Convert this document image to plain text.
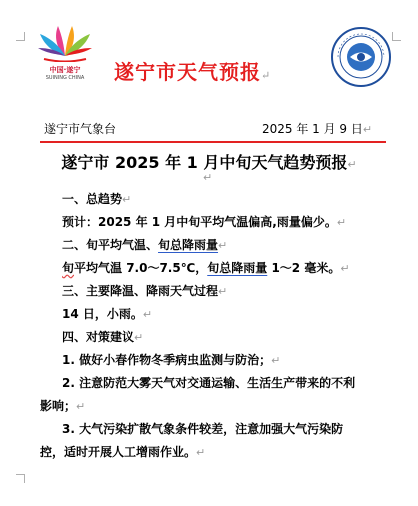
中国·遂宁
SUINING CHINA	遂宁市天气预报↵
遂宁市气象台	2025 年 1 月 9 日↵
遂宁市 2025 年 1 月中旬天气趋势预报↵
↵
一、总趋势↵
预计：2025 年 1 月中旬平均气温偏高,雨量偏少。↵
二、旬平均气温、旬总降雨量↵
旬平均气温 7.0～7.5℃，旬总降雨量 1～2 毫米。↵
三、主要降温、降雨天气过程↵
14 日，小雨。↵
四、对策建议↵
1. 做好小春作物冬季病虫监测与防治；↵
2. 注意防范大雾天气对交通运输、生活生产带来的不利
影响；↵
3. 大气污染扩散气象条件较差，注意加强大气污染防
控，适时开展人工增雨作业。↵
